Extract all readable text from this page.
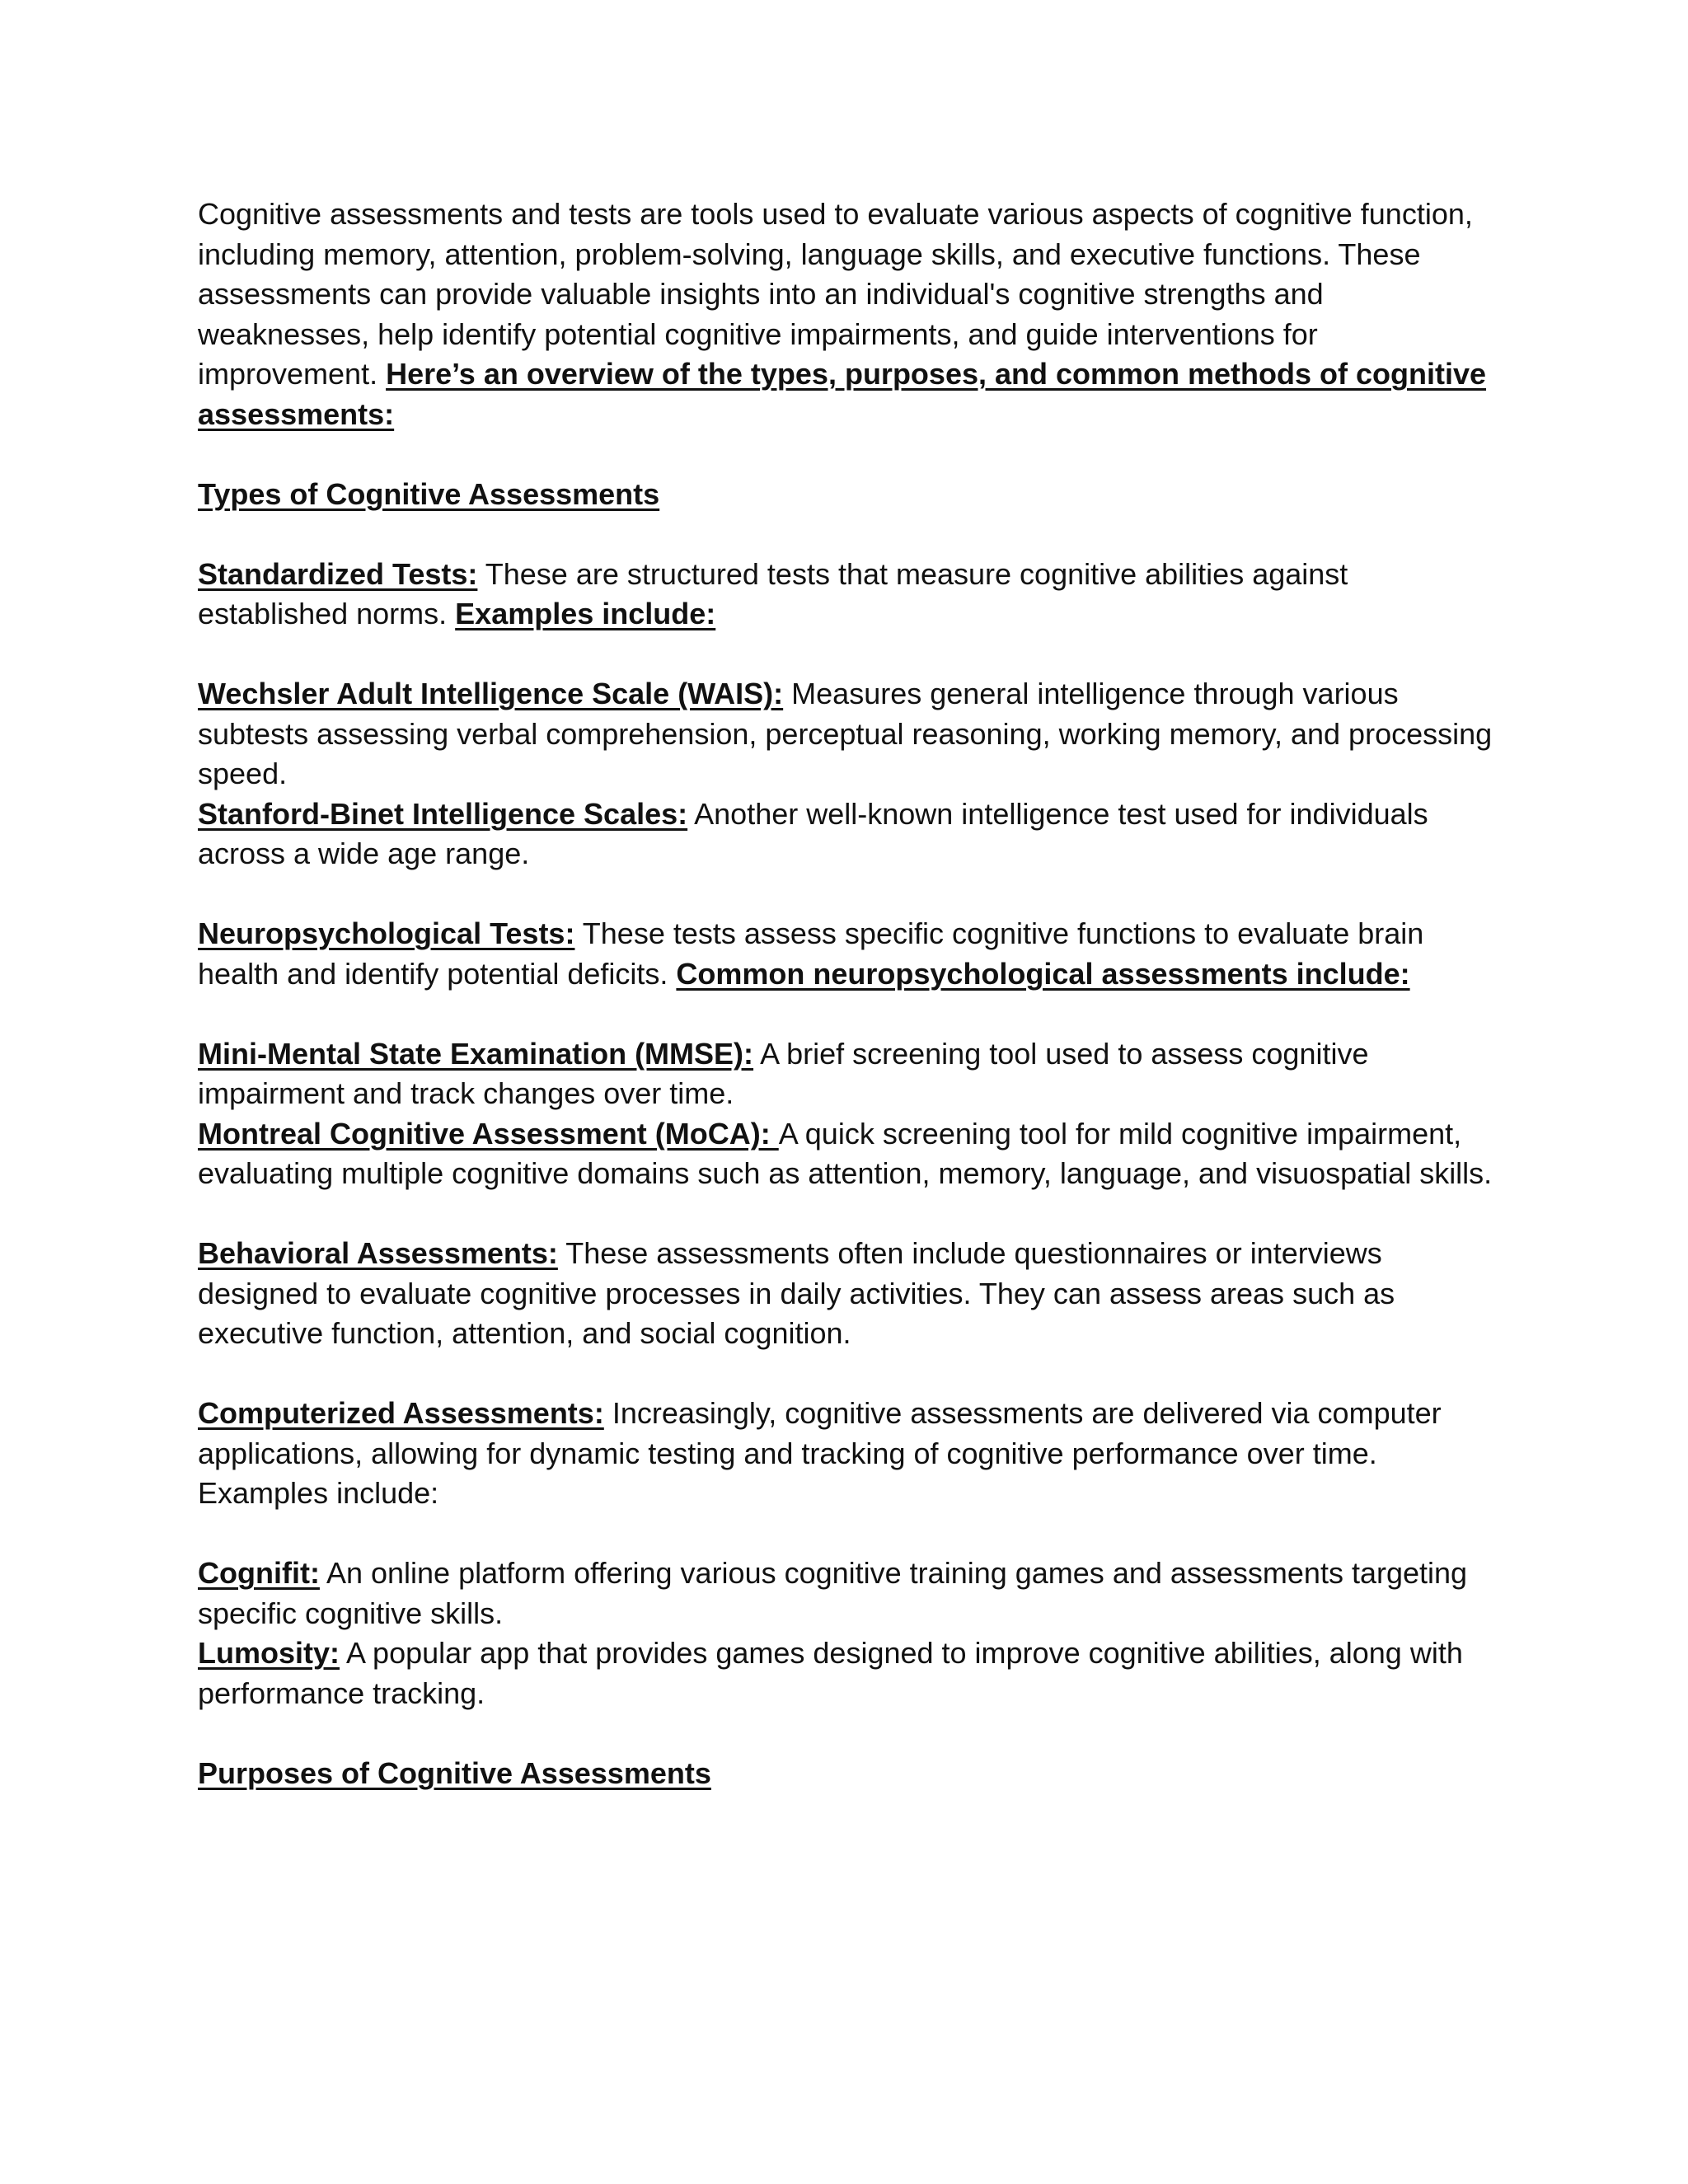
Cognitive assessments and tests are tools used to evaluate various aspects of cognitive function, including memory, attention, problem-solving, language skills, and executive functions. These assessments can provide valuable insights into an individual's cognitive strengths and weaknesses, help identify potential cognitive impairments, and guide interventions for improvement. Here’s an overview of the types, purposes, and common methods of cognitive assessments:

Types of Cognitive Assessments

Standardized Tests: These are structured tests that measure cognitive abilities against established norms. Examples include:

Wechsler Adult Intelligence Scale (WAIS): Measures general intelligence through various subtests assessing verbal comprehension, perceptual reasoning, working memory, and processing speed.

Stanford-Binet Intelligence Scales: Another well-known intelligence test used for individuals across a wide age range.

Neuropsychological Tests: These tests assess specific cognitive functions to evaluate brain health and identify potential deficits. Common neuropsychological assessments include:

Mini-Mental State Examination (MMSE): A brief screening tool used to assess cognitive impairment and track changes over time.

Montreal Cognitive Assessment (MoCA): A quick screening tool for mild cognitive impairment, evaluating multiple cognitive domains such as attention, memory, language, and visuospatial skills.

Behavioral Assessments: These assessments often include questionnaires or interviews designed to evaluate cognitive processes in daily activities. They can assess areas such as executive function, attention, and social cognition.

Computerized Assessments: Increasingly, cognitive assessments are delivered via computer applications, allowing for dynamic testing and tracking of cognitive performance over time. Examples include:

Cognifit: An online platform offering various cognitive training games and assessments targeting specific cognitive skills.

Lumosity: A popular app that provides games designed to improve cognitive abilities, along with performance tracking.

Purposes of Cognitive Assessments
